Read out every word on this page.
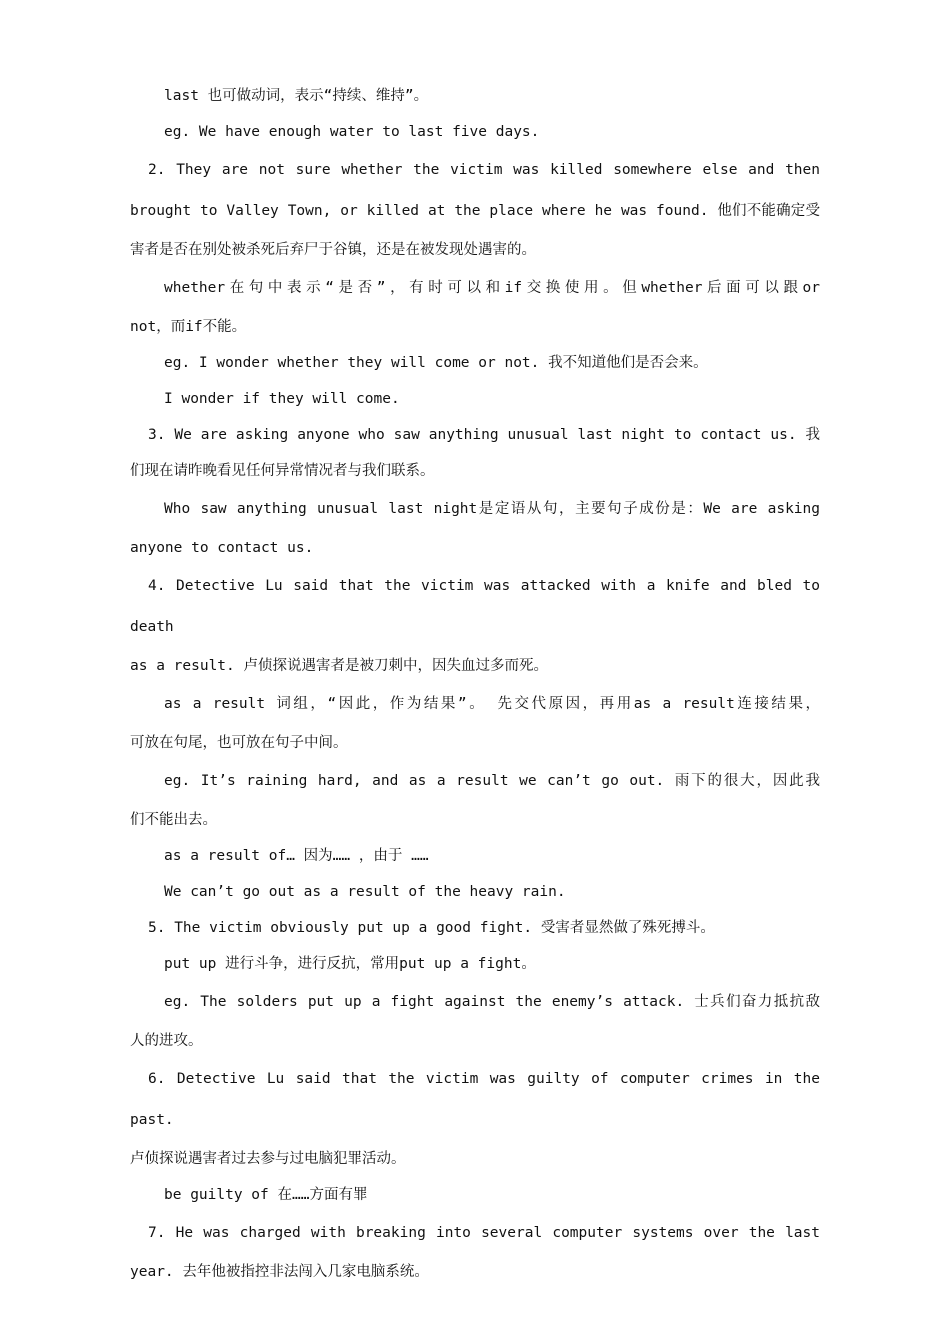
last 也可做动词，表示“持续、维持”。

eg. We have enough water to last five days.

2. They are not sure whether the victim was killed somewhere else and then

brought to Valley Town, or killed at the place where he was found. 他们不能确定受

害者是否在别处被杀死后弃尸于谷镇，还是在被发现处遇害的。

whether在句中表示“是否”，有时可以和if交换使用。但whether后面可以跟or

not，而if不能。

eg. I wonder whether they will come or not. 我不知道他们是否会来。

I wonder if they will come.

3. We are asking anyone who saw anything unusual last night to contact us. 我

们现在请昨晚看见任何异常情况者与我们联系。

Who saw anything unusual last night是定语从句，主要句子成份是：We are asking

anyone to contact us.

4. Detective Lu said that the victim was attacked with a knife and bled to death

as a result. 卢侦探说遇害者是被刀刺中，因失血过多而死。

as a result 词组，“因此，作为结果”。 先交代原因，再用as a result连接结果，

可放在句尾，也可放在句子中间。

eg. It’s raining hard, and as a result we can’t go out. 雨下的很大，因此我

们不能出去。

as a result of… 因为…… ，由于 ……

We can’t go out as a result of the heavy rain.

5. The victim obviously put up a good fight. 受害者显然做了殊死搏斗。

put up 进行斗争，进行反抗，常用put up a fight。

eg. The solders put up a fight against the enemy’s attack. 士兵们奋力抵抗敌

人的进攻。

6. Detective Lu said that the victim was guilty of computer crimes in the past.

卢侦探说遇害者过去参与过电脑犯罪活动。

be guilty of 在……方面有罪

7. He was charged with breaking into several computer systems over the last

year. 去年他被指控非法闯入几家电脑系统。
